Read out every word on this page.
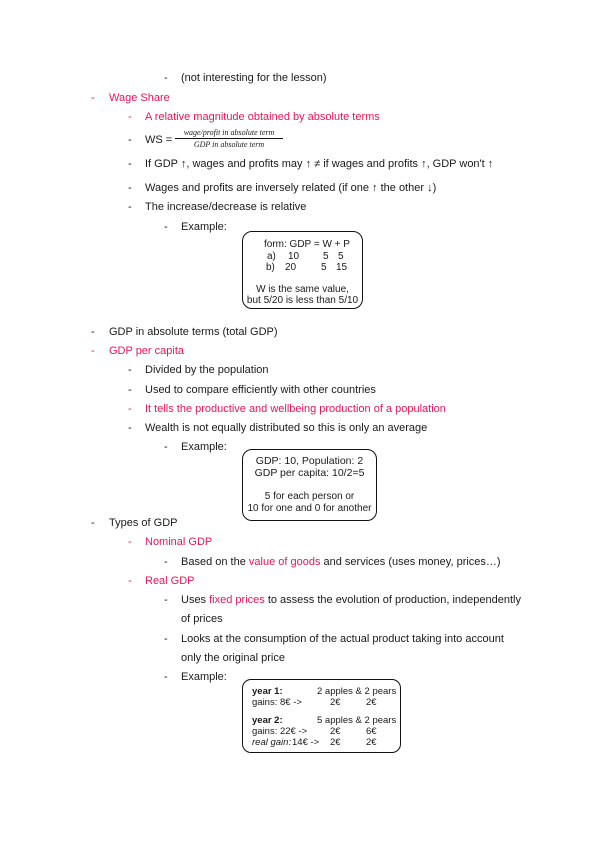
- (not interesting for the lesson)
- Wage Share
- A relative magnitude obtained by absolute terms
- WS =
wage/profit in absolute term
GDP in absolute term
- If GDP ↑, wages and profits may ↑ ≠ if wages and profits ↑, GDP won't ↑
- Wages and profits are inversely related (if one ↑ the other ↓)
- The increase/decrease is relative
- Example:
form: GDP = W + P
a) 10 5 5
b) 20 5 15
W is the same value,
but 5/20 is less than 5/10
- GDP in absolute terms (total GDP)
- GDP per capita
- Divided by the population
- Used to compare efficiently with other countries
- It tells the productive and wellbeing production of a population
- Wealth is not equally distributed so this is only an average
- Example:
GDP: 10, Population: 2
GDP per capita: 10/2=5
5 for each person or
10 for one and 0 for another
- Types of GDP
- Nominal GDP
- Based on the value of goods and services (uses money, prices…)
- Real GDP
- Uses fixed prices to assess the evolution of production, independently
of prices
- Looks at the consumption of the actual product taking into account
only the original price
- Example:
year 1:	2 apples & 2 pears
gains: 8€ ->	2€	2€
year 2:	5 apples & 2 pears
gains: 22€ -> 2€	6€
real gain: 14€ -> 2€	2€
